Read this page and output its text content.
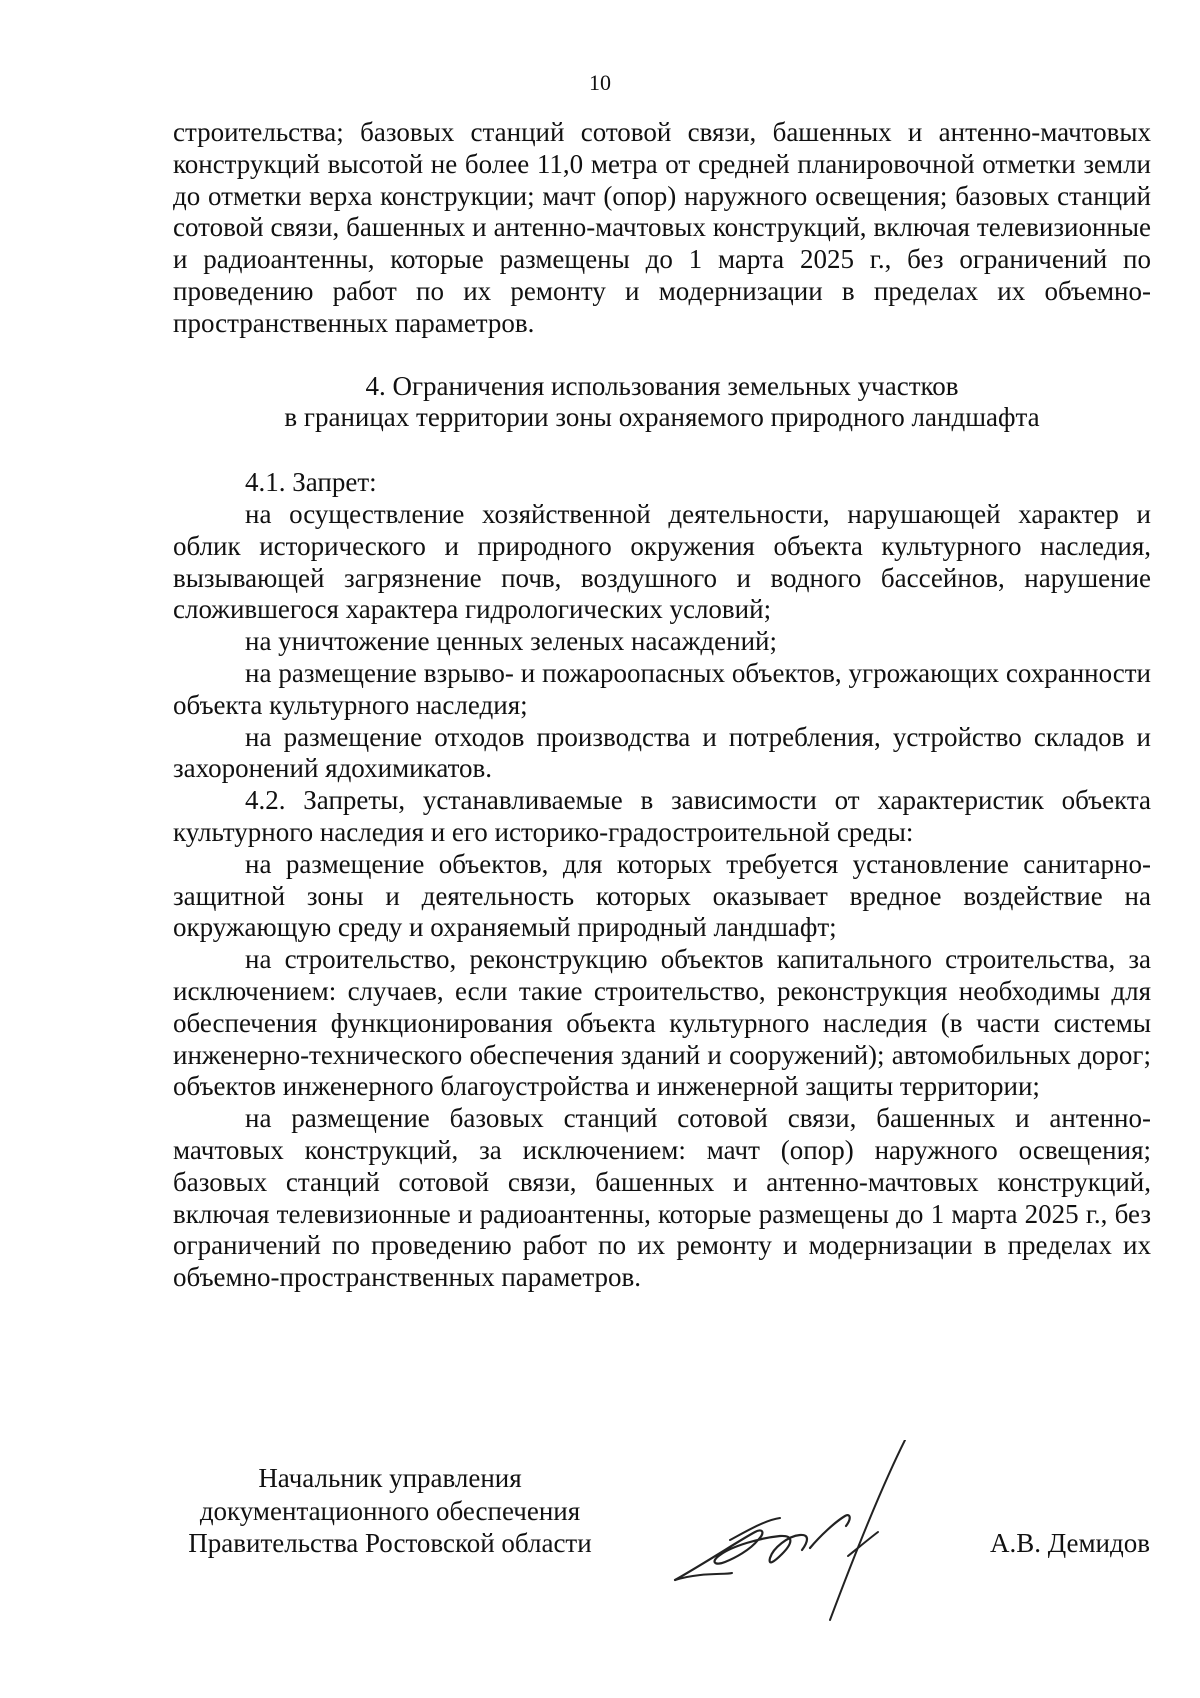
10

строительства; базовых станций сотовой связи, башенных и антенно-мачтовых конструкций высотой не более 11,0 метра от средней планировочной отметки земли до отметки верха конструкции; мачт (опор) наружного освещения; базовых станций сотовой связи, башенных и антенно-мачтовых конструкций, включая телевизионные и радиоантенны, которые размещены до 1 марта 2025 г., без ограничений по проведению работ по их ремонту и модернизации в пределах их объемно-пространственных параметров.

4. Ограничения использования земельных участков
в границах территории зоны охраняемого природного ландшафта

4.1. Запрет:

на осуществление хозяйственной деятельности, нарушающей характер и облик исторического и природного окружения объекта культурного наследия, вызывающей загрязнение почв, воздушного и водного бассейнов, нарушение сложившегося характера гидрологических условий;

на уничтожение ценных зеленых насаждений;

на размещение взрыво- и пожароопасных объектов, угрожающих сохранности объекта культурного наследия;

на размещение отходов производства и потребления, устройство складов и захоронений ядохимикатов.

4.2. Запреты, устанавливаемые в зависимости от характеристик объекта культурного наследия и его историко-градостроительной среды:

на размещение объектов, для которых требуется установление санитарно-защитной зоны и деятельность которых оказывает вредное воздействие на окружающую среду и охраняемый природный ландшафт;

на строительство, реконструкцию объектов капитального строительства, за исключением: случаев, если такие строительство, реконструкция необходимы для обеспечения функционирования объекта культурного наследия (в части системы инженерно-технического обеспечения зданий и сооружений); автомобильных дорог; объектов инженерного благоустройства и инженерной защиты территории;

на размещение базовых станций сотовой связи, башенных и антенно-мачтовых конструкций, за исключением: мачт (опор) наружного освещения; базовых станций сотовой связи, башенных и антенно-мачтовых конструкций, включая телевизионные и радиоантенны, которые размещены до 1 марта 2025 г., без ограничений по проведению работ по их ремонту и модернизации в пределах их объемно-пространственных параметров.

Начальник управления
документационного обеспечения
Правительства Ростовской области	А.В. Демидов
